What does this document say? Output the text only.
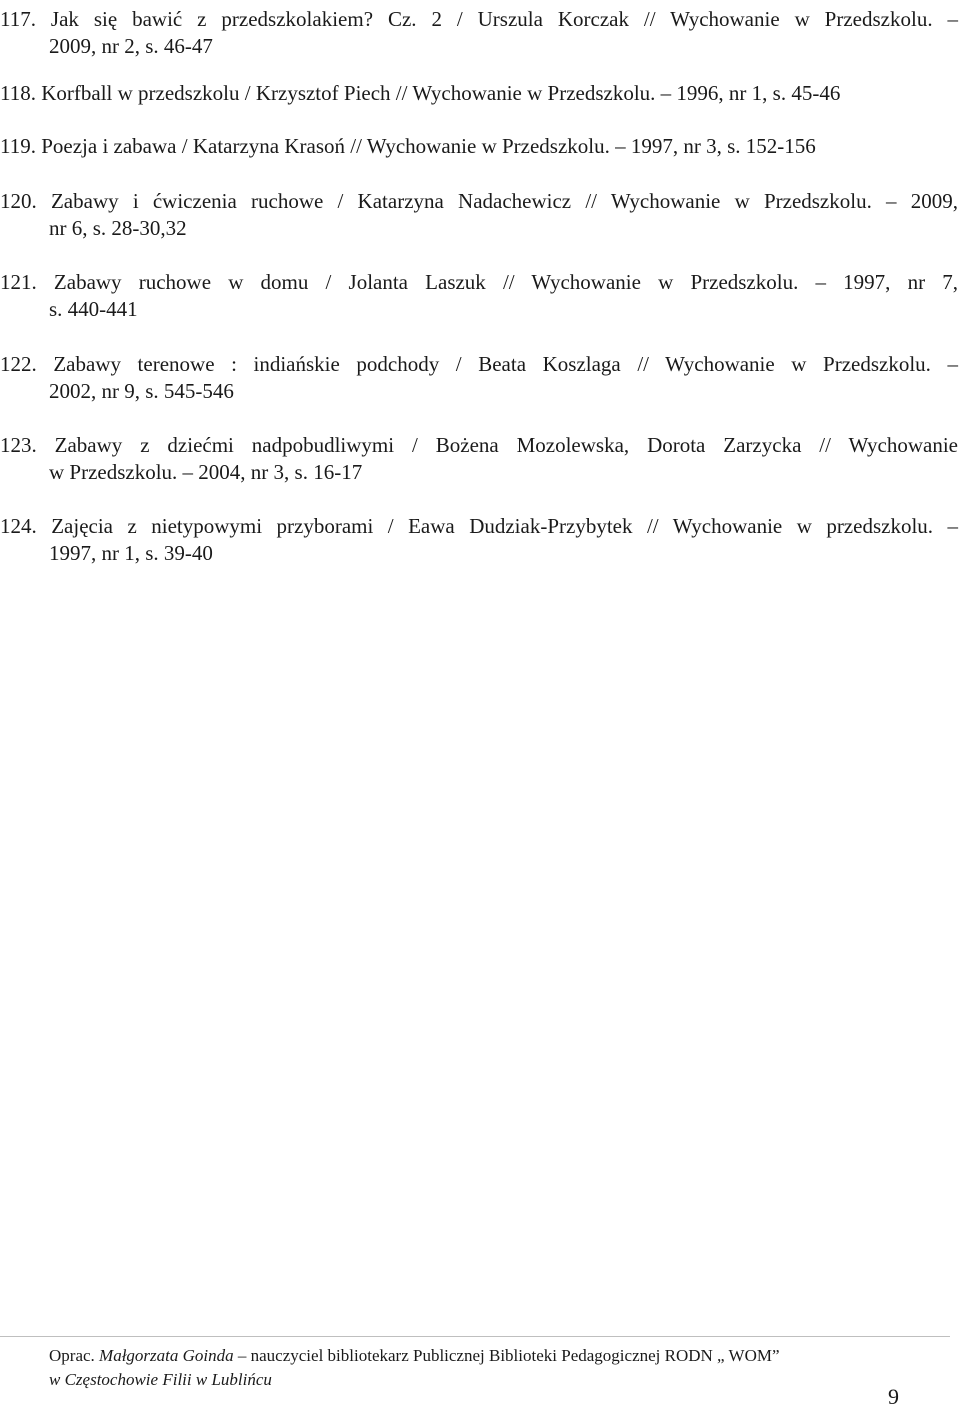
117. Jak się bawić z przedszkolakiem? Cz. 2 / Urszula Korczak // Wychowanie w Przedszkolu. –
2009, nr 2, s. 46-47
118. Korfball w przedszkolu / Krzysztof Piech // Wychowanie w Przedszkolu. – 1996, nr 1, s. 45-46
119. Poezja i zabawa / Katarzyna Krasoń // Wychowanie w Przedszkolu. – 1997, nr 3, s. 152-156
120. Zabawy i ćwiczenia ruchowe / Katarzyna Nadachewicz // Wychowanie w Przedszkolu. – 2009,
nr 6, s. 28-30,32
121. Zabawy ruchowe w domu / Jolanta Laszuk // Wychowanie w Przedszkolu. – 1997, nr 7,
s. 440-441
122. Zabawy terenowe : indiańskie podchody / Beata Koszlaga // Wychowanie w Przedszkolu. –
2002, nr 9, s. 545-546
123. Zabawy z dziećmi nadpobudliwymi / Bożena Mozolewska, Dorota Zarzycka // Wychowanie
w Przedszkolu. – 2004, nr 3, s. 16-17
124. Zajęcia z nietypowymi przyborami / Eawa Dudziak-Przybytek // Wychowanie w przedszkolu. –
1997, nr 1, s. 39-40
Oprac. Małgorzata Goinda – nauczyciel bibliotekarz Publicznej Biblioteki Pedagogicznej RODN „ WOM”
w Częstochowie Filii w Lublińcu
9
